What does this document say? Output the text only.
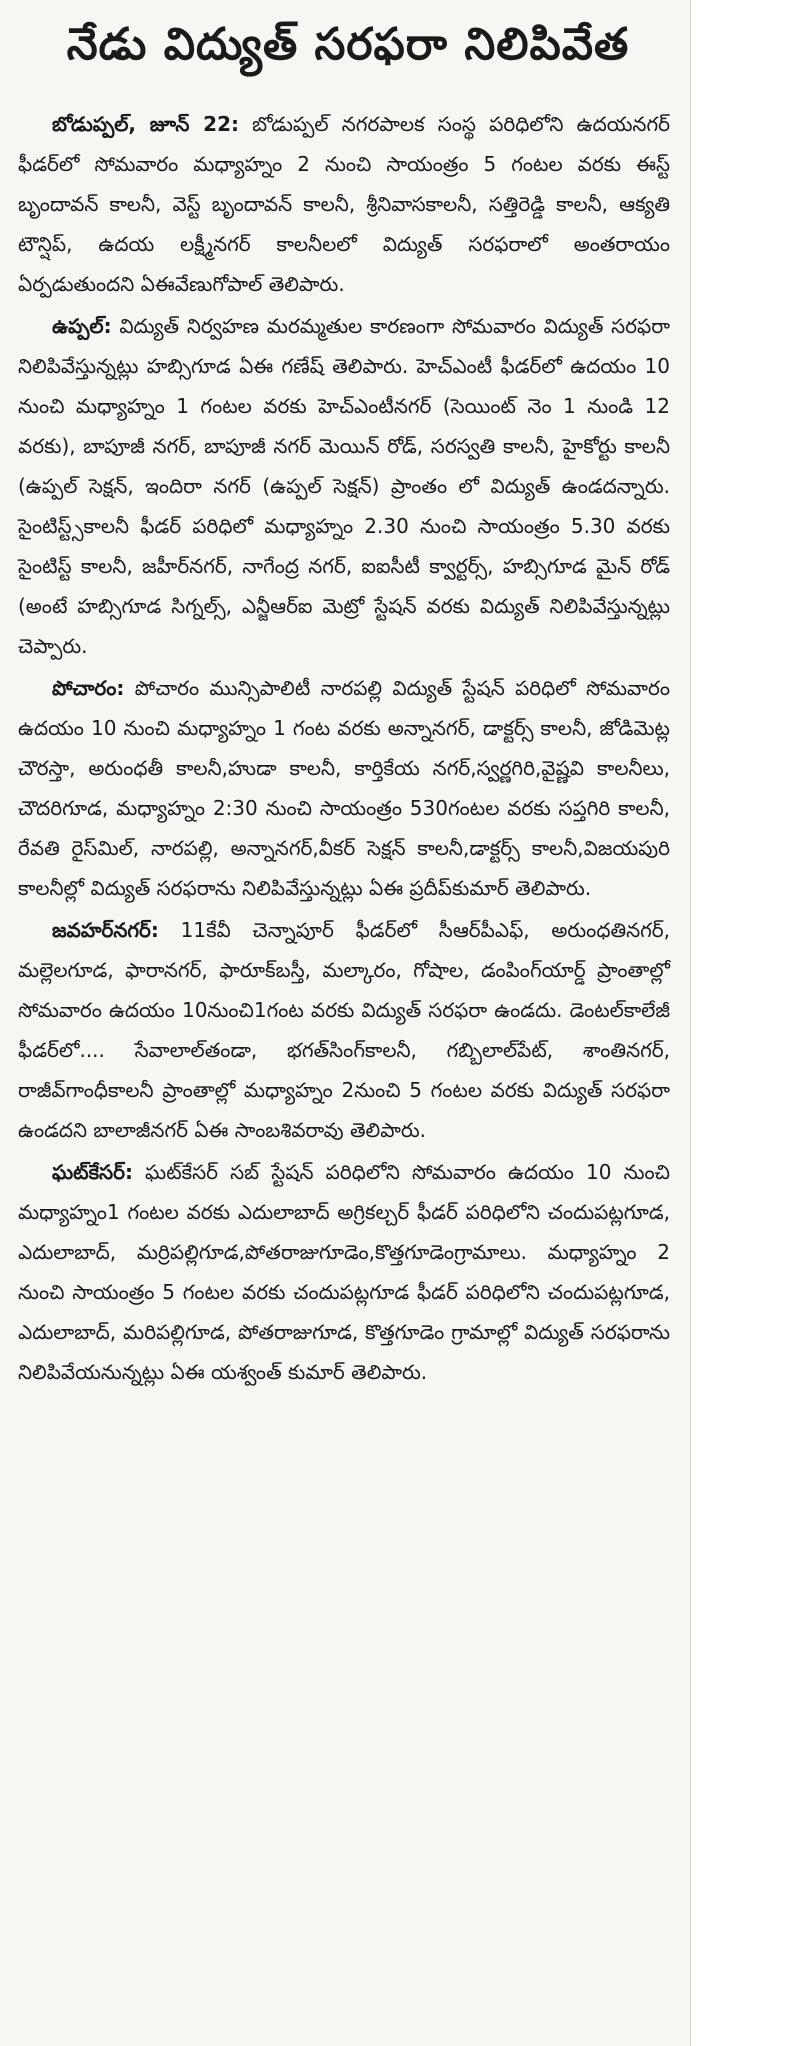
నేడు విద్యుత్‌ సరఫరా నిలిపివేత

బోడుప్పల్‌, జూన్‌ 22: బోడుప్పల్‌ నగరపాలక సంస్థ పరిధిలోని ఉదయనగర్‌ ఫీడర్‌లో సోమవారం మధ్యాహ్నం 2 నుంచి సాయంత్రం 5 గంటల వరకు ఈస్ట్‌ బృందావన్‌ కాలనీ, వెస్ట్‌ బృందావన్‌ కాలనీ, శ్రీనివాసకాలనీ, సత్తిరెడ్డి కాలనీ, ఆక్యతి టౌన్షిప్‌, ఉదయ లక్ష్మీనగర్‌ కాలనీలలో విద్యుత్‌ సరఫరాలో అంతరాయం ఏర్పడుతుందని ఏఈవేణుగోపాల్‌ తెలిపారు.

ఉప్పల్‌: విద్యుత్‌ నిర్వహణ మరమ్మతుల కారణంగా సోమవారం విద్యుత్‌ సరఫరా నిలిపివేస్తున్నట్లు హబ్సిగూడ ఏఈ గణేష్‌ తెలిపారు. హెచ్‌ఎంటీ ఫీడర్‌లో ఉదయం 10 నుంచి మధ్యాహ్నం 1 గంటల వరకు హెచ్‌ఎంటీనగర్‌ (సెయింట్‌ నెం 1 నుండి 12 వరకు), బాపూజీ నగర్‌, బాపూజీ నగర్‌ మెయిన్‌ రోడ్‌, సరస్వతి కాలనీ, హైకోర్టు కాలనీ (ఉప్పల్‌ సెక్షన్‌, ఇందిరా నగర్‌ (ఉప్పల్‌ సెక్షన్‌) ప్రాంతం లో విద్యుత్‌ ఉండదన్నారు. సైంటిస్ట్స్‌కాలనీ ఫీడర్‌ పరిధిలో మధ్యాహ్నం 2.30 నుంచి సాయంత్రం 5.30 వరకు సైంటిస్ట్‌ కాలనీ, జహీర్‌నగర్‌, నాగేంద్ర నగర్‌, ఐఐసీటీ క్వార్టర్స్‌, హబ్సిగూడ మైన్‌ రోడ్‌ (అంటే హబ్సిగూడ సిగ్నల్స్‌, ఎన్జీఆర్‌ఐ మెట్రో స్టేషన్‌ వరకు విద్యుత్‌ నిలిపివేస్తున్నట్లు చెప్పారు.

పోచారం: పోచారం మున్సిపాలిటీ నారపల్లి విద్యుత్‌ స్టేషన్‌ పరిధిలో సోమవారం ఉదయం 10 నుంచి మధ్యాహ్నం 1 గంట వరకు అన్నానగర్‌, డాక్టర్స్‌ కాలనీ, జోడిమెట్ల చౌరస్తా, అరుంధతీ కాలనీ,హుడా కాలనీ, కార్తికేయ నగర్‌,స్వర్ణగిరి,వైష్ణవి కాలనీలు, చౌదరిగూడ, మధ్యాహ్నం 2:30 నుంచి సాయంత్రం 530గంటల వరకు సప్తగిరి కాలనీ, రేవతి రైస్‌మిల్‌, నారపల్లి, అన్నానగర్‌,వీకర్‌ సెక్షన్‌ కాలనీ,డాక్టర్స్‌ కాలనీ,విజయపురి కాలనీల్లో విద్యుత్‌ సరఫరాను నిలిపివేస్తున్నట్లు ఏఈ ప్రదీప్‌కుమార్‌ తెలిపారు.

జవహర్‌నగర్‌: 11కేవీ చెన్నాపూర్‌ ఫీడర్‌లో సీఆర్‌పీఎఫ్‌, అరుంధతినగర్‌, మల్లెలగూడ, ఫారానగర్‌, ఫారూక్‌బస్తీ, మల్కారం, గోషాల, డంపింగ్‌యార్డ్‌ ప్రాంతాల్లో సోమవారం ఉదయం 10నుంచి1గంట వరకు విద్యుత్‌ సరఫరా ఉండదు. డెంటల్‌కాలేజీ ఫీడర్‌లో.... సేవాలాల్‌తండా, భగత్‌సింగ్‌కాలనీ, గబ్బిలాల్‌పేట్‌, శాంతినగర్‌, రాజీవ్‌గాంధీకాలనీ ప్రాంతాల్లో మధ్యాహ్నం 2నుంచి 5 గంటల వరకు విద్యుత్‌ సరఫరా ఉండదని బాలాజీనగర్‌ ఏఈ సాంబశివరావు తెలిపారు.

ఘట్‌కేసర్‌: ఘట్‌కేసర్‌ సబ్‌ స్టేషన్‌ పరిధిలోని సోమవారం ఉదయం 10 నుంచి మధ్యాహ్నం1 గంటల వరకు ఎదులాబాద్‌ అగ్రికల్చర్‌ ఫీడర్‌ పరిధిలోని చందుపట్లగూడ, ఎదులాబాద్‌, మర్రిపల్లిగూడ,పోతరాజుగూడెం,కొత్తగూడెంగ్రామాలు. మధ్యాహ్నం 2 నుంచి సాయంత్రం 5 గంటల వరకు చందుపట్లగూడ ఫీడర్‌ పరిధిలోని చందుపట్లగూడ, ఎదులాబాద్‌, మరిపల్లిగూడ, పోతరాజుగూడ, కొత్తగూడెం గ్రామాల్లో విద్యుత్‌ సరఫరాను నిలిపివేయనున్నట్లు ఏఈ యశ్వంత్‌ కుమార్‌ తెలిపారు.
